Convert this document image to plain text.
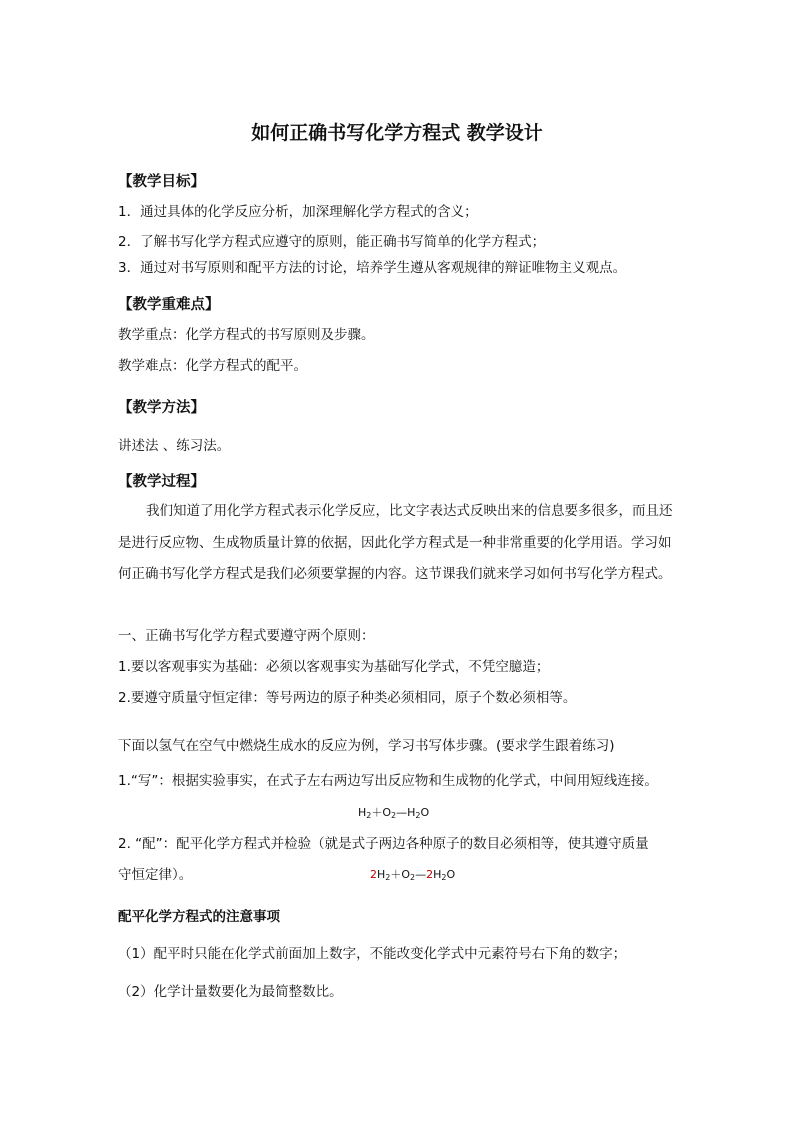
如何正确书写化学方程式 教学设计
【教学目标】
1．通过具体的化学反应分析，加深理解化学方程式的含义；
2．了解书写化学方程式应遵守的原则，能正确书写简单的化学方程式；
3．通过对书写原则和配平方法的讨论，培养学生遵从客观规律的辩证唯物主义观点。
【教学重难点】
教学重点：化学方程式的书写原则及步骤。
教学难点：化学方程式的配平。
【教学方法】
讲述法 、练习法。
【教学过程】
我们知道了用化学方程式表示化学反应，比文字表达式反映出来的信息要多很多，而且还是进行反应物、生成物质量计算的依据，因此化学方程式是一种非常重要的化学用语。学习如何正确书写化学方程式是我们必须要掌握的内容。这节课我们就来学习如何书写化学方程式。
一、正确书写化学方程式要遵守两个原则：
1.要以客观事实为基础：必须以客观事实为基础写化学式，不凭空臆造；
2.要遵守质量守恒定律：等号两边的原子种类必须相同，原子个数必须相等。
下面以氢气在空气中燃烧生成水的反应为例，学习书写体步骤。(要求学生跟着练习)
1.“写”：根据实验事实，在式子左右两边写出反应物和生成物的化学式，中间用短线连接。
$H_2+O_2—H_2O$
2. “配”：配平化学方程式并检验（就是式子两边各种原子的数目必须相等，使其遵守质量
守恒定律）。	$2H_2+O_2—2H_2O$
配平化学方程式的注意事项
（1）配平时只能在化学式前面加上数字，不能改变化学式中元素符号右下角的数字；
（2）化学计量数要化为最简整数比。
